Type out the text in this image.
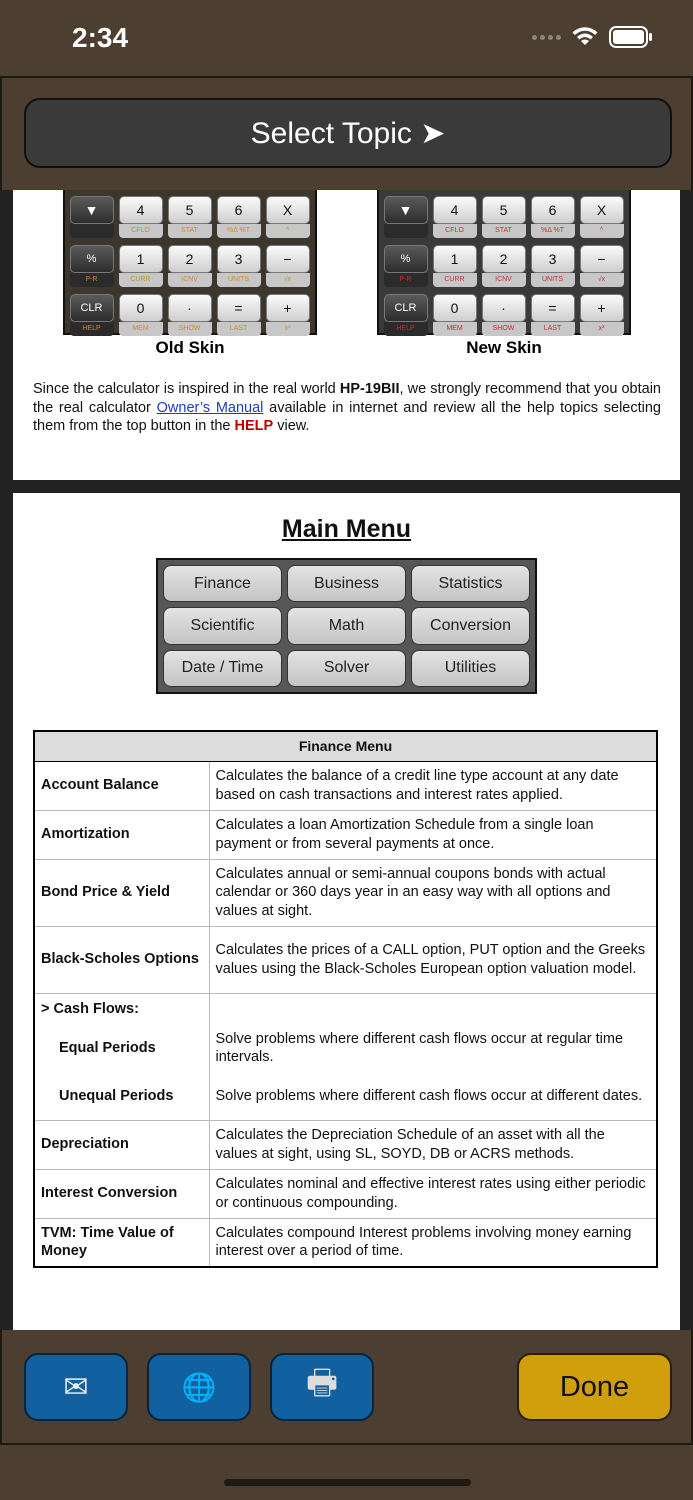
2:34
Select Topic ➤
▼	4
CFLO
5
STAT
6
%Δ %T
X
^
%
P-R
1
CURR
2
ICNV
3
UNITS
−
√x
CLR
HELP
0
MEM
·
SHOW
=
LAST
+
x²
Old Skin
▼	4
CFLO
5
STAT
6
%Δ %T
X
^
%
P-R
1
CURR
2
ICNV
3
UNITS
−
√x
CLR
HELP
0
MEM
·
SHOW
=
LAST
+
x²
New Skin

Since the calculator is inspired in the real world HP-19BII, we strongly recommend that you obtain the real calculator Owner’s Manual available in internet and review all the help topics selecting them from the top button in the HELP view.

Main Menu
Finance	Business	Statistics
Scientific	Math	Conversion
Date / Time	Solver	Utilities
Finance Menu	
Account Balance	Calculates the balance of a credit line type account at any date based on cash transactions and interest rates applied.
Amortization	Calculates a loan Amortization Schedule from a single loan payment or from several payments at once.
Bond Price & Yield	Calculates annual or semi-annual coupons bonds with actual calendar or 360 days year in an easy way with all options and values at sight.
Black-Scholes Options	Calculates the prices of a CALL option, PUT option and the Greeks values using the Black-Scholes European option valuation model.
> Cash Flows:	
Equal Periods	Solve problems where different cash flows occur at regular time intervals.
Unequal Periods	Solve problems where different cash flows occur at different dates.
Depreciation	Calculates the Depreciation Schedule of an asset with all the values at sight, using SL, SOYD, DB or ACRS methods.
Interest Conversion	Calculates nominal and effective interest rates using either periodic or continuous compounding.
TVM: Time Value of Money	Calculates compound Interest problems involving money earning interest over a period of time.
✉	🌐	🖶	Done
